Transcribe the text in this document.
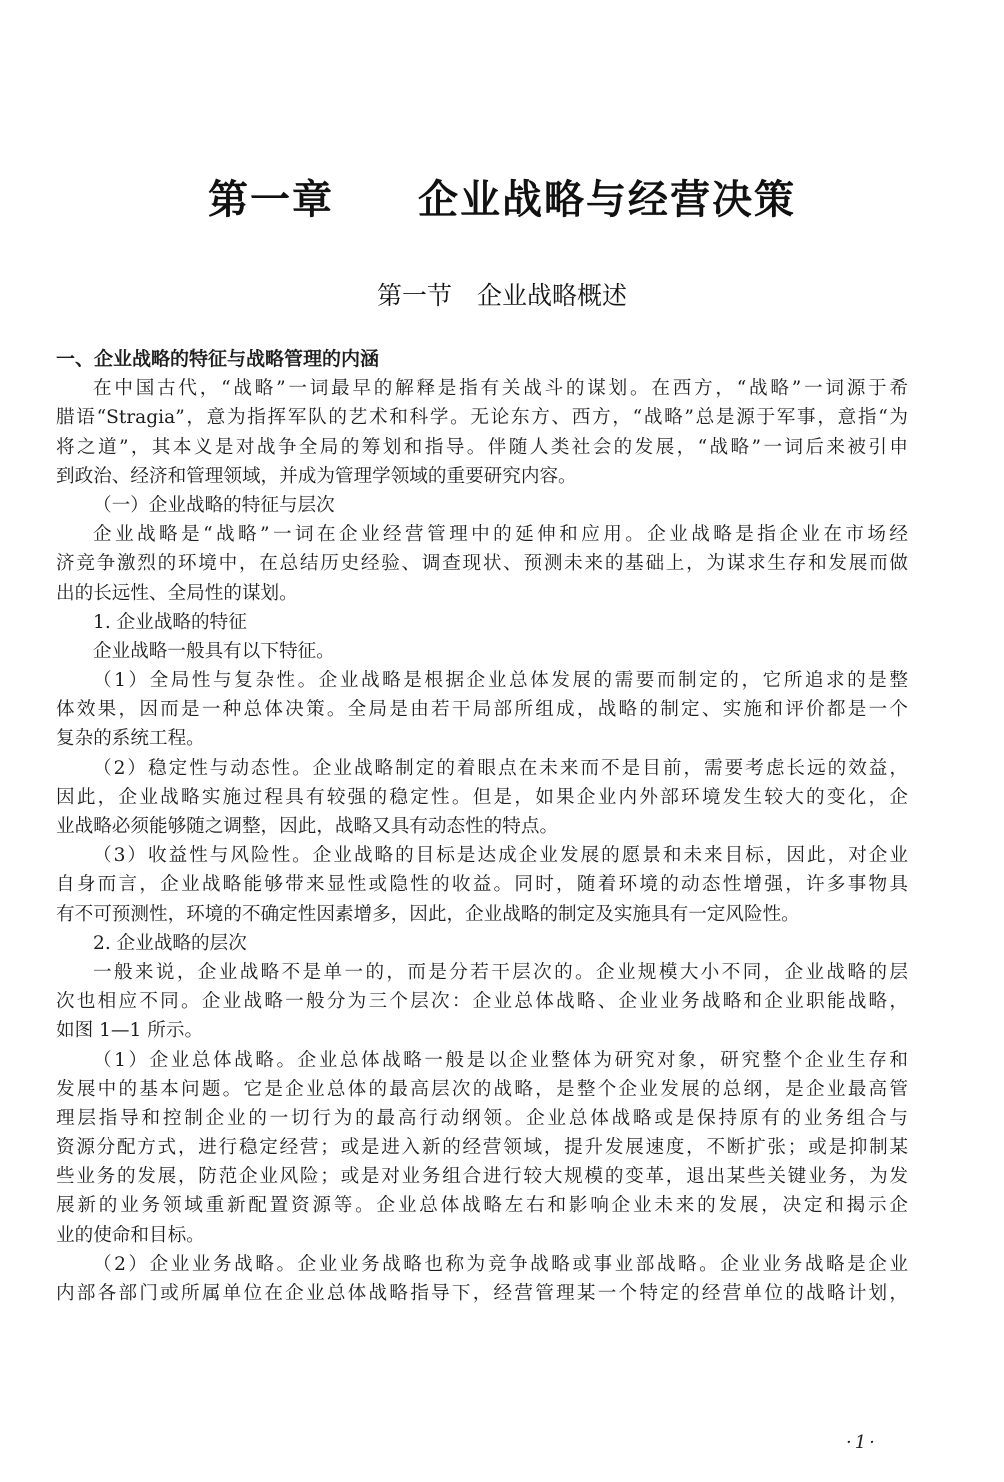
第一章　　企业战略与经营决策
第一节　企业战略概述
一、企业战略的特征与战略管理的内涵
在中国古代，“战略”一词最早的解释是指有关战斗的谋划。在西方，“战略”一词源于希
腊语“Stragia”，意为指挥军队的艺术和科学。无论东方、西方，“战略”总是源于军事，意指“为
将之道”，其本义是对战争全局的筹划和指导。伴随人类社会的发展，“战略”一词后来被引申
到政治、经济和管理领域，并成为管理学领域的重要研究内容。
（一）企业战略的特征与层次
企业战略是“战略”一词在企业经营管理中的延伸和应用。企业战略是指企业在市场经
济竞争激烈的环境中，在总结历史经验、调查现状、预测未来的基础上，为谋求生存和发展而做
出的长远性、全局性的谋划。
1. 企业战略的特征
企业战略一般具有以下特征。
（1）全局性与复杂性。企业战略是根据企业总体发展的需要而制定的，它所追求的是整
体效果，因而是一种总体决策。全局是由若干局部所组成，战略的制定、实施和评价都是一个
复杂的系统工程。
（2）稳定性与动态性。企业战略制定的着眼点在未来而不是目前，需要考虑长远的效益，
因此，企业战略实施过程具有较强的稳定性。但是，如果企业内外部环境发生较大的变化，企
业战略必须能够随之调整，因此，战略又具有动态性的特点。
（3）收益性与风险性。企业战略的目标是达成企业发展的愿景和未来目标，因此，对企业
自身而言，企业战略能够带来显性或隐性的收益。同时，随着环境的动态性增强，许多事物具
有不可预测性，环境的不确定性因素增多，因此，企业战略的制定及实施具有一定风险性。
2. 企业战略的层次
一般来说，企业战略不是单一的，而是分若干层次的。企业规模大小不同，企业战略的层
次也相应不同。企业战略一般分为三个层次：企业总体战略、企业业务战略和企业职能战略，
如图 1—1 所示。
（1）企业总体战略。企业总体战略一般是以企业整体为研究对象，研究整个企业生存和
发展中的基本问题。它是企业总体的最高层次的战略，是整个企业发展的总纲，是企业最高管
理层指导和控制企业的一切行为的最高行动纲领。企业总体战略或是保持原有的业务组合与
资源分配方式，进行稳定经营；或是进入新的经营领域，提升发展速度，不断扩张；或是抑制某
些业务的发展，防范企业风险；或是对业务组合进行较大规模的变革，退出某些关键业务，为发
展新的业务领域重新配置资源等。企业总体战略左右和影响企业未来的发展，决定和揭示企
业的使命和目标。
（2）企业业务战略。企业业务战略也称为竞争战略或事业部战略。企业业务战略是企业
内部各部门或所属单位在企业总体战略指导下，经营管理某一个特定的经营单位的战略计划，
·1·
